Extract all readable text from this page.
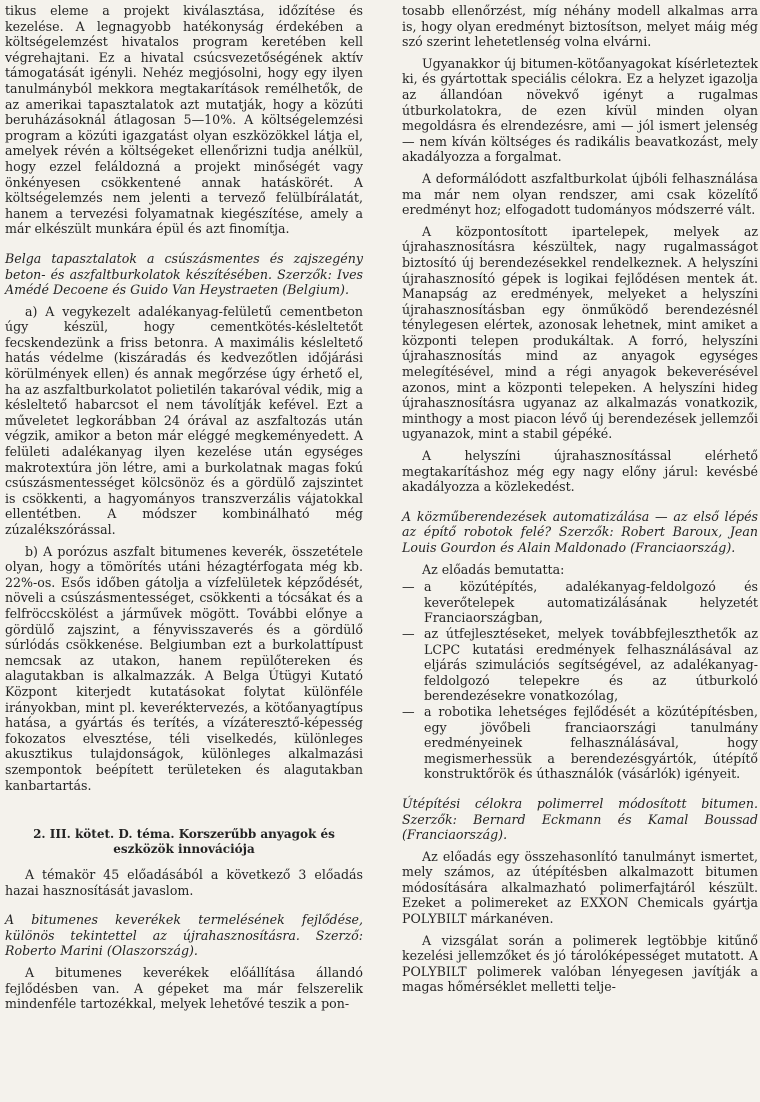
tikus eleme a projekt kiválasztása, időzítése és kezelése. A legnagyobb hatékonyság érdekében a költségelemzést hivatalos program keretében kell végrehajtani. Ez a hivatal csúcsvezetőségének aktív támogatását igényli. Nehéz megjósolni, hogy egy ilyen tanulmányból mekkora megtakarítások remélhetők, de az amerikai tapasztalatok azt mutatják, hogy a közúti beruházásoknál átlagosan 5—10%. A költségelemzési program a közúti igazgatást olyan eszközökkel látja el, amelyek révén a költségeket ellenőrizni tudja anélkül, hogy ezzel feláldozná a projekt minőségét vagy önkényesen csökkentené annak hatáskörét. A költségelemzés nem jelenti a tervező felülbírálatát, hanem a tervezési folyamatnak kiegészítése, amely a már elkészült munkára épül és azt finomítja.

Belga tapasztalatok a csúszásmentes és zajszegény beton- és aszfaltburkolatok készítésében. Szerzők: Ives Amédé Decoene és Guido Van Heystraeten (Belgium).

a) A vegykezelt adalékanyag-felületű cementbeton úgy készül, hogy cementkötés-késleltetőt fecskendezünk a friss betonra. A maximális késleltető hatás védelme (kiszáradás és kedvezőtlen időjárási körülmények ellen) és annak megőrzése úgy érhető el, ha az aszfaltburkolatot polietilén takaróval védik, mig a késleltető habarcsot el nem távolítják kefével. Ezt a műveletet legkorábban 24 órával az aszfaltozás után végzik, amikor a beton már eléggé megkeményedett. A felületi adalékanyag ilyen kezelése után egységes makrotextúra jön létre, ami a burkolatnak magas fokú csúszásmentességet kölcsönöz és a gördülő zajszintet is csökkenti, a hagyományos transzverzális vájatokkal ellentétben. A módszer kombinálható még zúzalékszórással.

b) A porózus aszfalt bitumenes keverék, összetétele olyan, hogy a tömörítés utáni hézagtérfogata még kb. 22%-os. Esős időben gátolja a vízfelületek képződését, növeli a csúszásmentességet, csökkenti a tócsákat és a felfröccskölést a járművek mögött. További előnye a gördülő zajszint, a fényvisszaverés és a gördülő súrlódás csökkenése. Belgiumban ezt a burkolattípust nemcsak az utakon, hanem repülőtereken és alagutakban is alkalmazzák. A Belga Útügyi Kutató Központ kiterjedt kutatásokat folytat különféle irányokban, mint pl. keveréktervezés, a kötőanyagtípus hatása, a gyártás és terítés, a vízáteresztő-képesség fokozatos elvesztése, téli viselkedés, különleges akusztikus tulajdonságok, különleges alkalmazási szempontok beépített területeken és alagutakban kanbartartás.

2. III. kötet. D. téma. Korszerűbb anyagok és eszközök innovációja

A témakör 45 előadásából a következő 3 előadás hazai hasznosítását javaslom.

A bitumenes keverékek termelésének fejlődése, különös tekintettel az újrahasznosításra. Szerző: Roberto Marini (Olaszország).

A bitumenes keverékek előállítása állandó fejlődésben van. A gépeket ma már felszerelik mindenféle tartozékkal, melyek lehetővé teszik a pon-

tosabb ellenőrzést, míg néhány modell alkalmas arra is, hogy olyan eredményt biztosítson, melyet máig még szó szerint lehetetlenség volna elvárni.

Ugyanakkor új bitumen-kötőanyagokat kísérleteztek ki, és gyártottak speciális célokra. Ez a helyzet igazolja az állandóan növekvő igényt a rugalmas útburkolatokra, de ezen kívül minden olyan megoldásra és elrendezésre, ami — jól ismert jelenség — nem kíván költséges és radikális beavatkozást, mely akadályozza a forgalmat.

A deformálódott aszfaltburkolat újbóli felhasználása ma már nem olyan rendszer, ami csak közelítő eredményt hoz; elfogadott tudományos módszerré vált.

A központosított ipartelepek, melyek az újrahasznosításra készültek, nagy rugalmasságot biztosító új berendezésekkel rendelkeznek. A helyszíni újrahasznosító gépek is logikai fejlődésen mentek át. Manapság az eredmények, melyeket a helyszíni újrahasznosításban egy önműködő berendezésnél ténylegesen elértek, azonosak lehetnek, mint amiket a központi telepen produkáltak. A forró, helyszíni újrahasznosítás mind az anyagok egységes melegítésével, mind a régi anyagok bekeverésével azonos, mint a központi telepeken. A helyszíni hideg újrahasznosításra ugyanaz az alkalmazás vonatkozik, minthogy a most piacon lévő új berendezések jellemzői ugyanazok, mint a stabil gépéké.

A helyszíni újrahasznosítással elérhető megtakarításhoz még egy nagy előny járul: kevésbé akadályozza a közlekedést.

A közműberendezések automatizálása — az első lépés az építő robotok felé? Szerzők: Robert Baroux, Jean Louis Gourdon és Alain Maldonado (Franciaország).

Az előadás bemutatta:

— a közútépítés, adalékanyag-feldolgozó és keverőtelepek automatizálásának helyzetét Franciaországban,
— az útfejlesztéseket, melyek továbbfejleszthetők az LCPC kutatási eredmények felhasználásával az eljárás szimulációs segítségével, az adalékanyag-feldolgozó telepekre és az útburkoló berendezésekre vonatkozólag,
— a robotika lehetséges fejlődését a közútépítésben, egy jövőbeli franciaországi tanulmány eredményeinek felhasználásával, hogy megismerhessük a berendezésgyártók, útépítő konstruktőrök és úthasználók (vásárlók) igényeit.

Útépítési célokra polimerrel módosított bitumen. Szerzők: Bernard Eckmann és Kamal Boussad (Franciaország).

Az előadás egy összehasonlító tanulmányt ismertet, mely számos, az útépítésben alkalmazott bitumen módosítására alkalmazható polimerfajtáról készült. Ezeket a polimereket az EXXON Chemicals gyártja POLYBILT márkanéven.

A vizsgálat során a polimerek legtöbbje kitűnő kezelési jellemzőket és jó tárolóképességet mutatott. A POLYBILT polimerek valóban lényegesen javítják a magas hőmérséklet melletti telje-
